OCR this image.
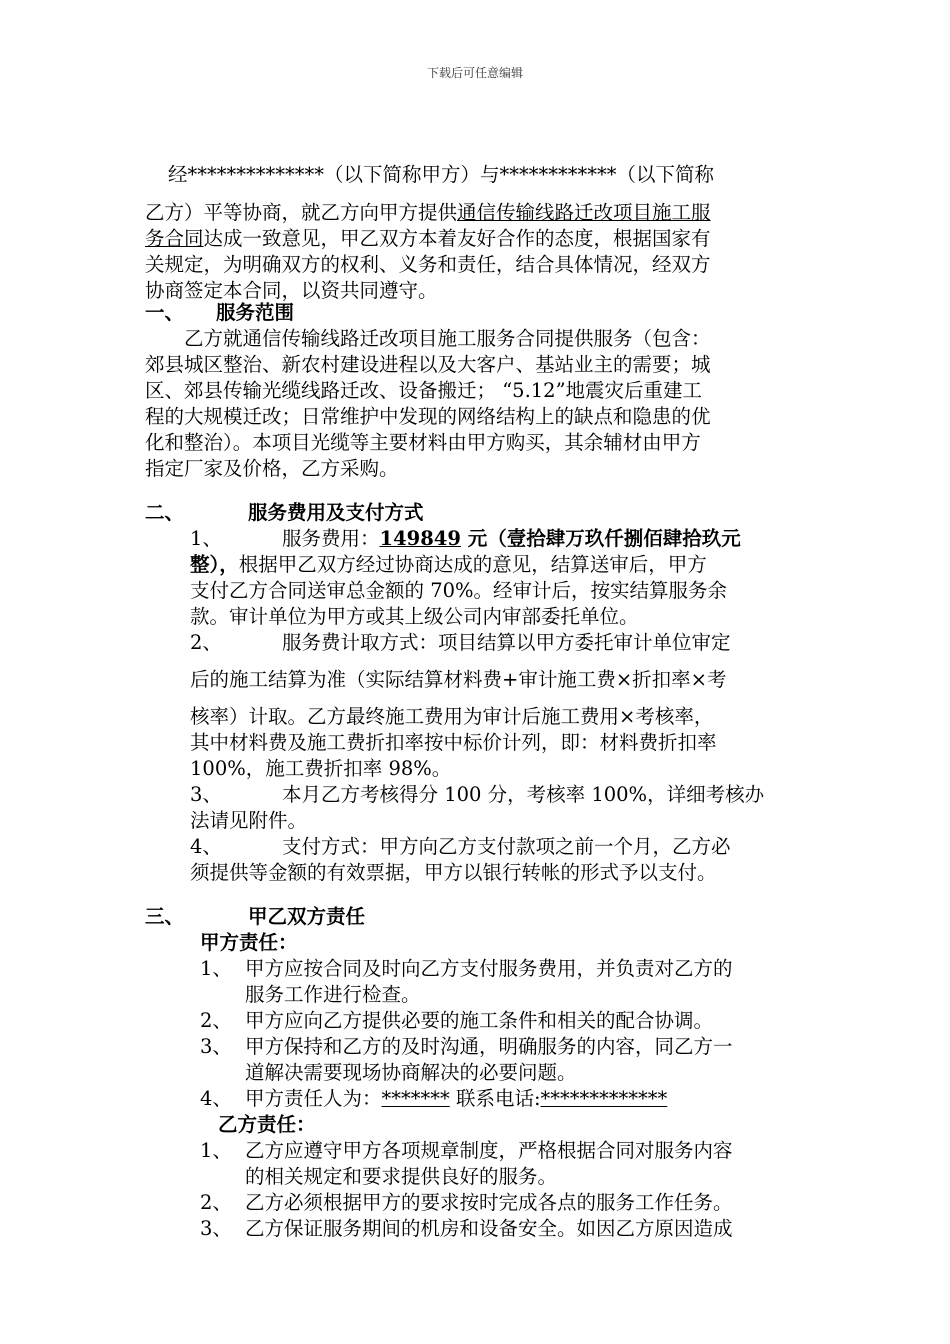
下载后可任意编辑
经**************（以下简称甲方）与************（以下简称
乙方）平等协商，就乙方向甲方提供通信传输线路迁改项目施工服
务合同达成一致意见，甲乙双方本着友好合作的态度，根据国家有
关规定，为明确双方的权利、义务和责任，结合具体情况，经双方
协商签定本合同，以资共同遵守。
一、 服务范围
乙方就通信传输线路迁改项目施工服务合同提供服务（包含：
郊县城区整治、新农村建设进程以及大客户、基站业主的需要；城
区、郊县传输光缆线路迁改、设备搬迁； “5.12”地震灾后重建工
程的大规模迁改；日常维护中发现的网络结构上的缺点和隐患的优
化和整治）。本项目光缆等主要材料由甲方购买，其余辅材由甲方
指定厂家及价格，乙方采购。
二、	服务费用及支付方式
1、	服务费用：149849 元（壹拾肆万玖仟捌佰肆拾玖元
整），根据甲乙双方经过协商达成的意见，结算送审后，甲方
支付乙方合同送审总金额的 70%。经审计后，按实结算服务余
款。审计单位为甲方或其上级公司内审部委托单位。
2、	服务费计取方式：项目结算以甲方委托审计单位审定
后的施工结算为准（实际结算材料费+审计施工费×折扣率×考
核率）计取。乙方最终施工费用为审计后施工费用×考核率，
其中材料费及施工费折扣率按中标价计列，即：材料费折扣率
100%，施工费折扣率 98%。
3、	本月乙方考核得分 100 分，考核率 100%，详细考核办
法请见附件。
4、	支付方式：甲方向乙方支付款项之前一个月，乙方必
须提供等金额的有效票据，甲方以银行转帐的形式予以支付。
三、	甲乙双方责任
甲方责任：
1、 甲方应按合同及时向乙方支付服务费用，并负责对乙方的
服务工作进行检查。
2、 甲方应向乙方提供必要的施工条件和相关的配合协调。
3、 甲方保持和乙方的及时沟通，明确服务的内容，同乙方一
道解决需要现场协商解决的必要问题。
4、 甲方责任人为：******* 联系电话:*************
乙方责任：
1、 乙方应遵守甲方各项规章制度，严格根据合同对服务内容
的相关规定和要求提供良好的服务。
2、 乙方必须根据甲方的要求按时完成各点的服务工作任务。
3、 乙方保证服务期间的机房和设备安全。如因乙方原因造成
